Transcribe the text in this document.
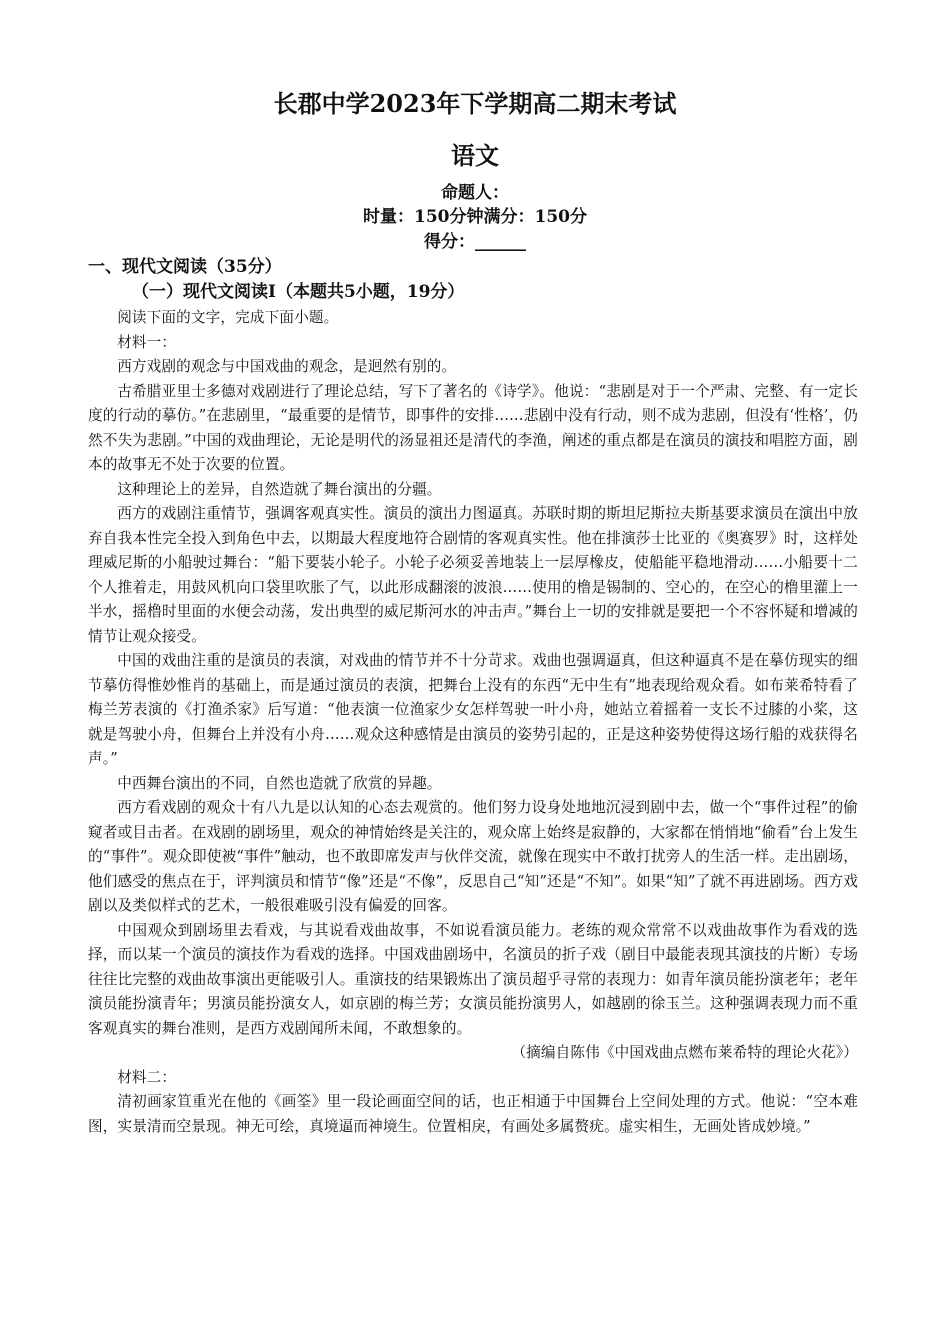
长郡中学2023年下学期高二期末考试
语文
命题人：
时量：150分钟满分：150分
得分：______
一、现代文阅读（35分）
（一）现代文阅读Ⅰ（本题共5小题，19分）

阅读下面的文字，完成下面小题。

材料一：

西方戏剧的观念与中国戏曲的观念，是迥然有别的。

古希腊亚里士多德对戏剧进行了理论总结，写下了著名的《诗学》。他说：“悲剧是对于一个严肃、完整、有一定长度的行动的摹仿。”在悲剧里，“最重要的是情节，即事件的安排……悲剧中没有行动，则不成为悲剧，但没有‘性格’，仍然不失为悲剧。”中国的戏曲理论，无论是明代的汤显祖还是清代的李渔，阐述的重点都是在演员的演技和唱腔方面，剧本的故事无不处于次要的位置。

这种理论上的差异，自然造就了舞台演出的分疆。

西方的戏剧注重情节，强调客观真实性。演员的演出力图逼真。苏联时期的斯坦尼斯拉夫斯基要求演员在演出中放弃自我本性完全投入到角色中去，以期最大程度地符合剧情的客观真实性。他在排演莎士比亚的《奥赛罗》时，这样处理威尼斯的小船驶过舞台：“船下要装小轮子。小轮子必须妥善地装上一层厚橡皮，使船能平稳地滑动……小船要十二个人推着走，用鼓风机向口袋里吹胀了气，以此形成翻滚的波浪……使用的橹是锡制的、空心的，在空心的橹里灌上一半水，摇橹时里面的水便会动荡，发出典型的威尼斯河水的冲击声。”舞台上一切的安排就是要把一个不容怀疑和增减的情节让观众接受。

中国的戏曲注重的是演员的表演，对戏曲的情节并不十分苛求。戏曲也强调逼真，但这种逼真不是在摹仿现实的细节摹仿得惟妙惟肖的基础上，而是通过演员的表演，把舞台上没有的东西“无中生有”地表现给观众看。如布莱希特看了梅兰芳表演的《打渔杀家》后写道：“他表演一位渔家少女怎样驾驶一叶小舟，她站立着摇着一支长不过膝的小桨，这就是驾驶小舟，但舞台上并没有小舟……观众这种感情是由演员的姿势引起的，正是这种姿势使得这场行船的戏获得名声。”

中西舞台演出的不同，自然也造就了欣赏的异趣。

西方看戏剧的观众十有八九是以认知的心态去观赏的。他们努力设身处地地沉浸到剧中去，做一个“事件过程”的偷窥者或目击者。在戏剧的剧场里，观众的神情始终是关注的，观众席上始终是寂静的，大家都在悄悄地“偷看”台上发生的“事件”。观众即使被“事件”触动，也不敢即席发声与伙伴交流，就像在现实中不敢打扰旁人的生活一样。走出剧场，他们感受的焦点在于，评判演员和情节“像”还是“不像”，反思自己“知”还是“不知”。如果“知”了就不再进剧场。西方戏剧以及类似样式的艺术，一般很难吸引没有偏爱的回客。

中国观众到剧场里去看戏，与其说看戏曲故事，不如说看演员能力。老练的观众常常不以戏曲故事作为看戏的选择，而以某一个演员的演技作为看戏的选择。中国戏曲剧场中，名演员的折子戏（剧目中最能表现其演技的片断）专场往往比完整的戏曲故事演出更能吸引人。重演技的结果锻炼出了演员超乎寻常的表现力：如青年演员能扮演老年；老年演员能扮演青年；男演员能扮演女人，如京剧的梅兰芳；女演员能扮演男人，如越剧的徐玉兰。这种强调表现力而不重客观真实的舞台准则，是西方戏剧闻所未闻，不敢想象的。

（摘编自陈伟《中国戏曲点燃布莱希特的理论火花》）

材料二：

清初画家笪重光在他的《画筌》里一段论画面空间的话，也正相通于中国舞台上空间处理的方式。他说：“空本难图，实景清而空景现。神无可绘，真境逼而神境生。位置相戾，有画处多属赘疣。虚实相生，无画处皆成妙境。”
